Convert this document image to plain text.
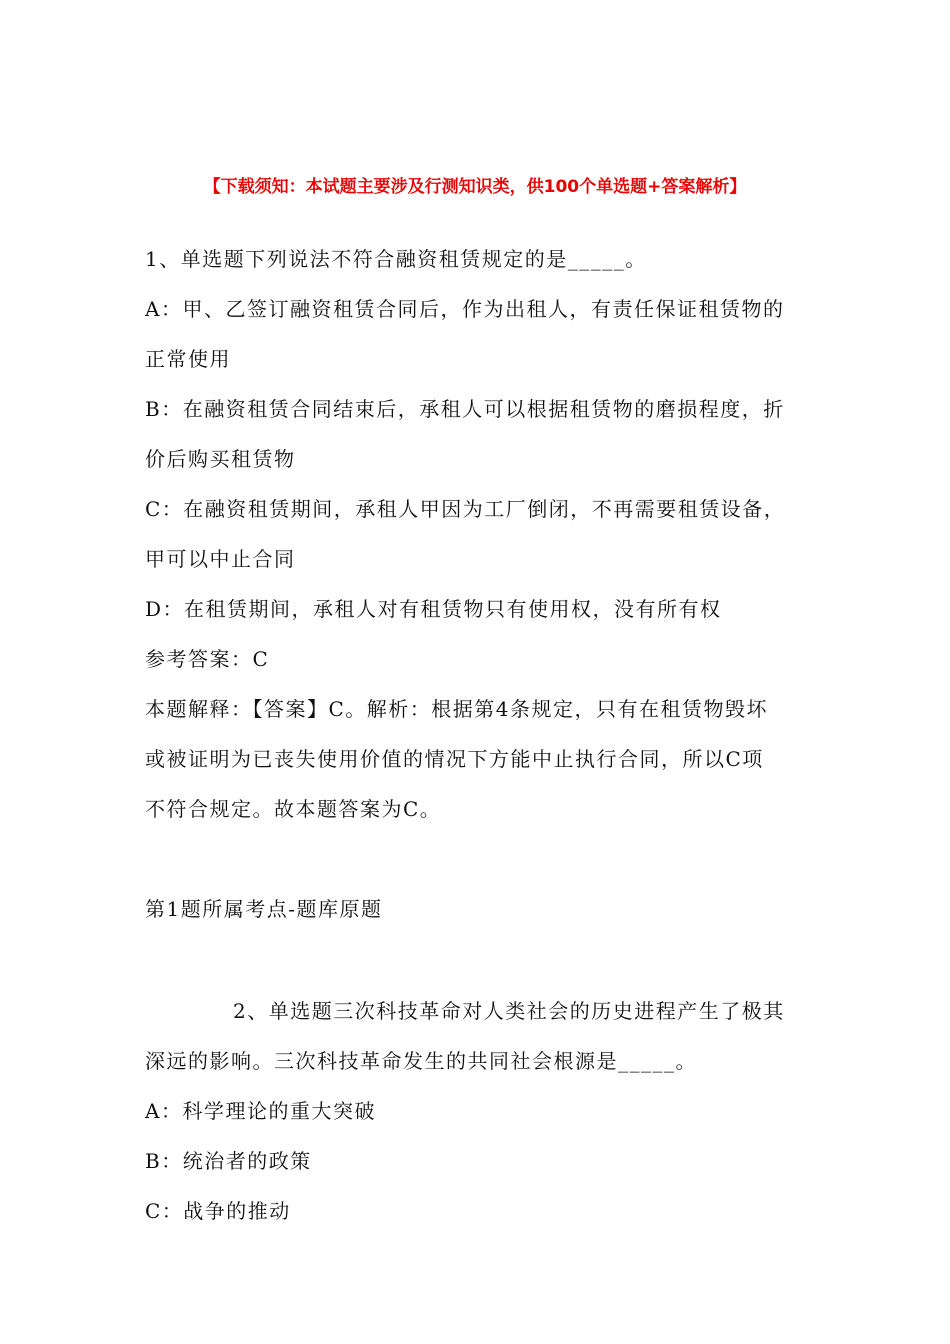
【下载须知：本试题主要涉及行测知识类，供100个单选题+答案解析】
1、单选题下列说法不符合融资租赁规定的是_____。
A：甲、乙签订融资租赁合同后，作为出租人，有责任保证租赁物的
正常使用
B：在融资租赁合同结束后，承租人可以根据租赁物的磨损程度，折
价后购买租赁物
C：在融资租赁期间，承租人甲因为工厂倒闭，不再需要租赁设备，
甲可以中止合同
D：在租赁期间，承租人对有租赁物只有使用权，没有所有权
参考答案：C
本题解释：【答案】C。解析：根据第4条规定，只有在租赁物毁坏
或被证明为已丧失使用价值的情况下方能中止执行合同，所以C项
不符合规定。故本题答案为C。
第1题所属考点-题库原题
2、单选题三次科技革命对人类社会的历史进程产生了极其
深远的影响。三次科技革命发生的共同社会根源是_____。
A：科学理论的重大突破
B：统治者的政策
C：战争的推动
